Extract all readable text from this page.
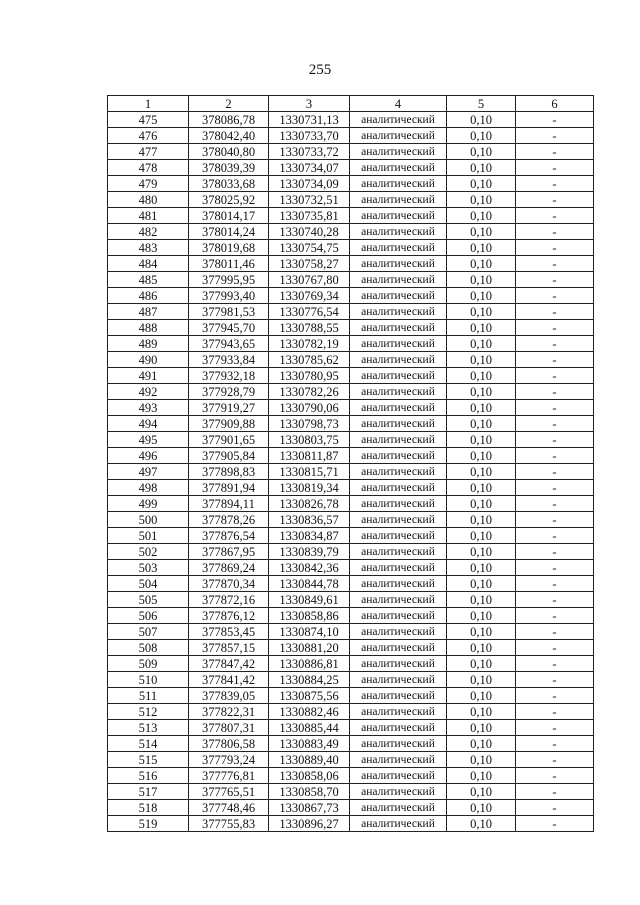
255
1	2	3	4	5	6
475	378086,78	1330731,13	аналитический	0,10	-
476	378042,40	1330733,70	аналитический	0,10	-
477	378040,80	1330733,72	аналитический	0,10	-
478	378039,39	1330734,07	аналитический	0,10	-
479	378033,68	1330734,09	аналитический	0,10	-
480	378025,92	1330732,51	аналитический	0,10	-
481	378014,17	1330735,81	аналитический	0,10	-
482	378014,24	1330740,28	аналитический	0,10	-
483	378019,68	1330754,75	аналитический	0,10	-
484	378011,46	1330758,27	аналитический	0,10	-
485	377995,95	1330767,80	аналитический	0,10	-
486	377993,40	1330769,34	аналитический	0,10	-
487	377981,53	1330776,54	аналитический	0,10	-
488	377945,70	1330788,55	аналитический	0,10	-
489	377943,65	1330782,19	аналитический	0,10	-
490	377933,84	1330785,62	аналитический	0,10	-
491	377932,18	1330780,95	аналитический	0,10	-
492	377928,79	1330782,26	аналитический	0,10	-
493	377919,27	1330790,06	аналитический	0,10	-
494	377909,88	1330798,73	аналитический	0,10	-
495	377901,65	1330803,75	аналитический	0,10	-
496	377905,84	1330811,87	аналитический	0,10	-
497	377898,83	1330815,71	аналитический	0,10	-
498	377891,94	1330819,34	аналитический	0,10	-
499	377894,11	1330826,78	аналитический	0,10	-
500	377878,26	1330836,57	аналитический	0,10	-
501	377876,54	1330834,87	аналитический	0,10	-
502	377867,95	1330839,79	аналитический	0,10	-
503	377869,24	1330842,36	аналитический	0,10	-
504	377870,34	1330844,78	аналитический	0,10	-
505	377872,16	1330849,61	аналитический	0,10	-
506	377876,12	1330858,86	аналитический	0,10	-
507	377853,45	1330874,10	аналитический	0,10	-
508	377857,15	1330881,20	аналитический	0,10	-
509	377847,42	1330886,81	аналитический	0,10	-
510	377841,42	1330884,25	аналитический	0,10	-
511	377839,05	1330875,56	аналитический	0,10	-
512	377822,31	1330882,46	аналитический	0,10	-
513	377807,31	1330885,44	аналитический	0,10	-
514	377806,58	1330883,49	аналитический	0,10	-
515	377793,24	1330889,40	аналитический	0,10	-
516	377776,81	1330858,06	аналитический	0,10	-
517	377765,51	1330858,70	аналитический	0,10	-
518	377748,46	1330867,73	аналитический	0,10	-
519	377755,83	1330896,27	аналитический	0,10	-
